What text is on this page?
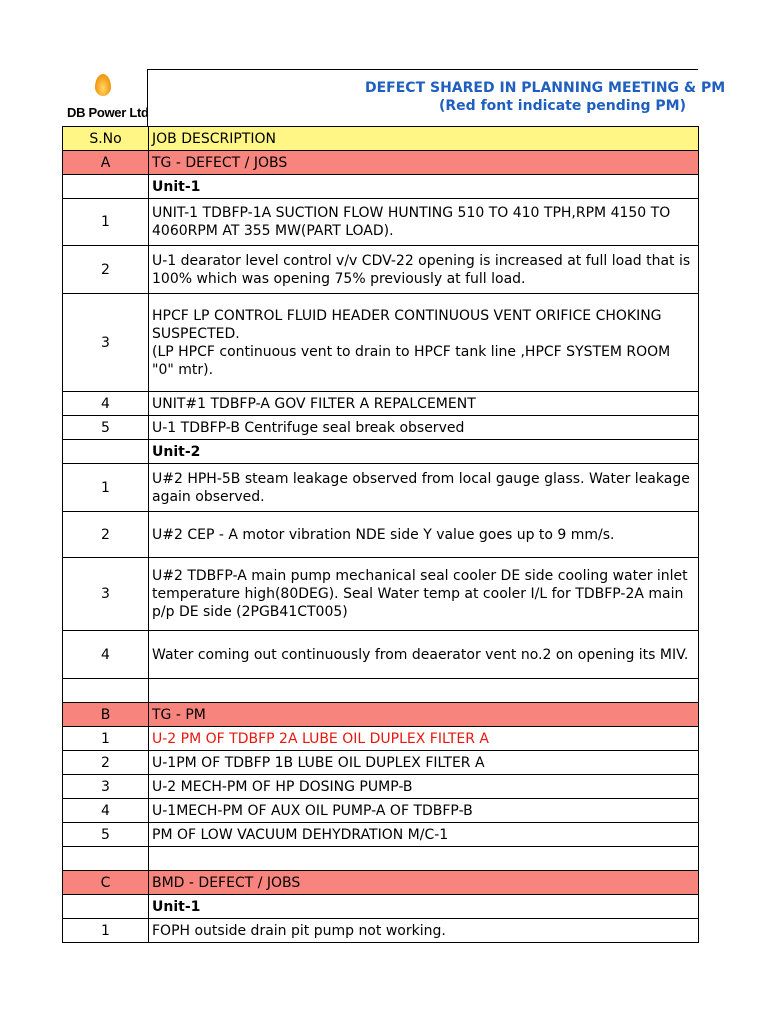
DB Power Ltd
DEFECT SHARED IN PLANNING MEETING & PM
(Red font indicate pending PM)
S.No	JOB DESCRIPTION
A	TG - DEFECT / JOBS
	Unit-1
1	UNIT-1 TDBFP-1A SUCTION FLOW HUNTING 510 TO 410 TPH,RPM 4150 TO 4060RPM AT 355 MW(PART LOAD).
2	U-1 dearator level control v/v CDV-22 opening is increased at full load that is 100% which was opening 75% previously at full load.
3	HPCF LP CONTROL FLUID HEADER CONTINUOUS VENT ORIFICE CHOKING SUSPECTED.
(LP HPCF continuous vent to drain to HPCF tank line ,HPCF SYSTEM ROOM "0" mtr).
4	UNIT#1 TDBFP-A GOV FILTER A REPALCEMENT
5	U-1 TDBFP-B Centrifuge seal break observed
	Unit-2
1	U#2 HPH-5B steam leakage observed from local gauge glass. Water leakage again observed.
2	U#2 CEP - A motor vibration NDE side Y value goes up to 9 mm/s.
3	U#2 TDBFP-A main pump mechanical seal cooler DE side cooling water inlet temperature high(80DEG). Seal Water temp at cooler I/L for TDBFP-2A main p/p DE side (2PGB41CT005)
4	Water coming out continuously from deaerator vent no.2 on opening its MIV.

B	TG - PM
1	U-2 PM OF TDBFP 2A LUBE OIL DUPLEX FILTER A
2	U-1PM OF TDBFP 1B LUBE OIL DUPLEX FILTER A
3	U-2 MECH-PM OF HP DOSING PUMP-B
4	U-1MECH-PM OF AUX OIL PUMP-A OF TDBFP-B
5	PM OF LOW VACUUM DEHYDRATION M/C-1

C	BMD - DEFECT / JOBS
	Unit-1
1	FOPH outside drain pit pump not working.
